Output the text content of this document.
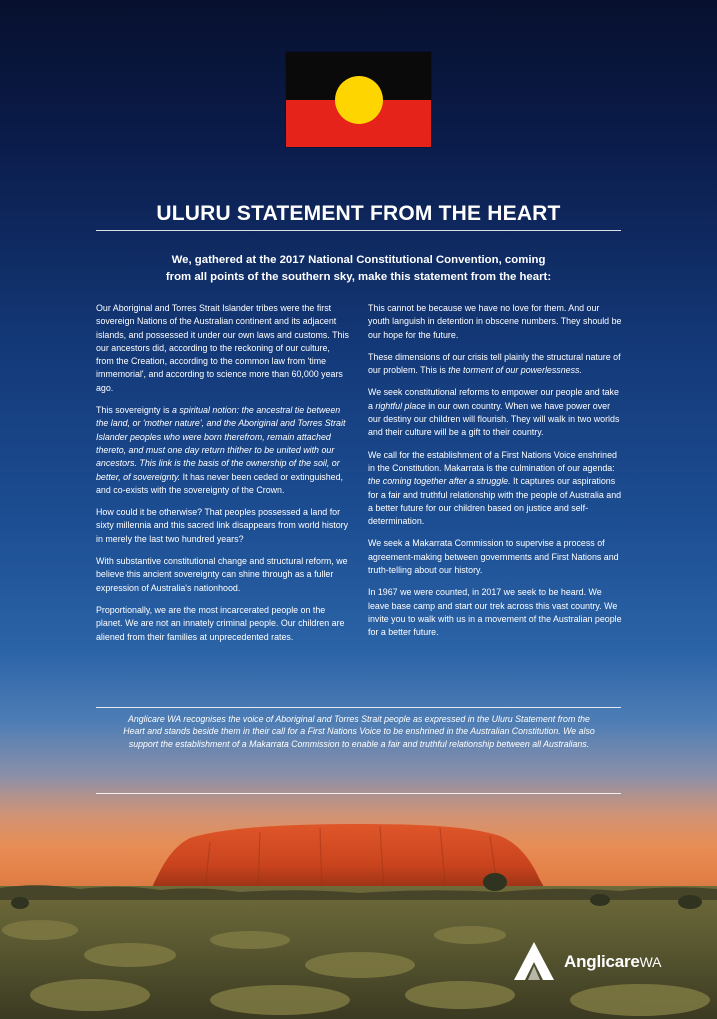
ULURU STATEMENT FROM THE HEART

We, gathered at the 2017 National Constitutional Convention, coming
from all points of the southern sky, make this statement from the heart:

Our Aboriginal and Torres Strait Islander tribes were the first sovereign Nations of the Australian continent and its adjacent islands, and possessed it under our own laws and customs. This our ancestors did, according to the reckoning of our culture, from the Creation, according to the common law from 'time immemorial', and according to science more than 60,000 years ago.

This sovereignty is a spiritual notion: the ancestral tie between the land, or 'mother nature', and the Aboriginal and Torres Strait Islander peoples who were born therefrom, remain attached thereto, and must one day return thither to be united with our ancestors. This link is the basis of the ownership of the soil, or better, of sovereignty. It has never been ceded or extinguished, and co-exists with the sovereignty of the Crown.

How could it be otherwise? That peoples possessed a land for sixty millennia and this sacred link disappears from world history in merely the last two hundred years?

With substantive constitutional change and structural reform, we believe this ancient sovereignty can shine through as a fuller expression of Australia's nationhood.

Proportionally, we are the most incarcerated people on the planet. We are not an innately criminal people. Our children are aliened from their families at unprecedented rates.

This cannot be because we have no love for them. And our youth languish in detention in obscene numbers. They should be our hope for the future.

These dimensions of our crisis tell plainly the structural nature of our problem. This is the torment of our powerlessness.

We seek constitutional reforms to empower our people and take a rightful place in our own country. When we have power over our destiny our children will flourish. They will walk in two worlds and their culture will be a gift to their country.

We call for the establishment of a First Nations Voice enshrined in the Constitution. Makarrata is the culmination of our agenda: the coming together after a struggle. It captures our aspirations for a fair and truthful relationship with the people of Australia and a better future for our children based on justice and self-determination.

We seek a Makarrata Commission to supervise a process of agreement-making between governments and First Nations and truth-telling about our history.

In 1967 we were counted, in 2017 we seek to be heard. We leave base camp and start our trek across this vast country. We invite you to walk with us in a movement of the Australian people for a better future.

Anglicare WA recognises the voice of Aboriginal and Torres Strait people as expressed in the Uluru Statement from the Heart and stands beside them in their call for a First Nations Voice to be enshrined in the Australian Constitution. We also support the establishment of a Makarrata Commission to enable a fair and truthful relationship between all Australians.

AnglicareWA
